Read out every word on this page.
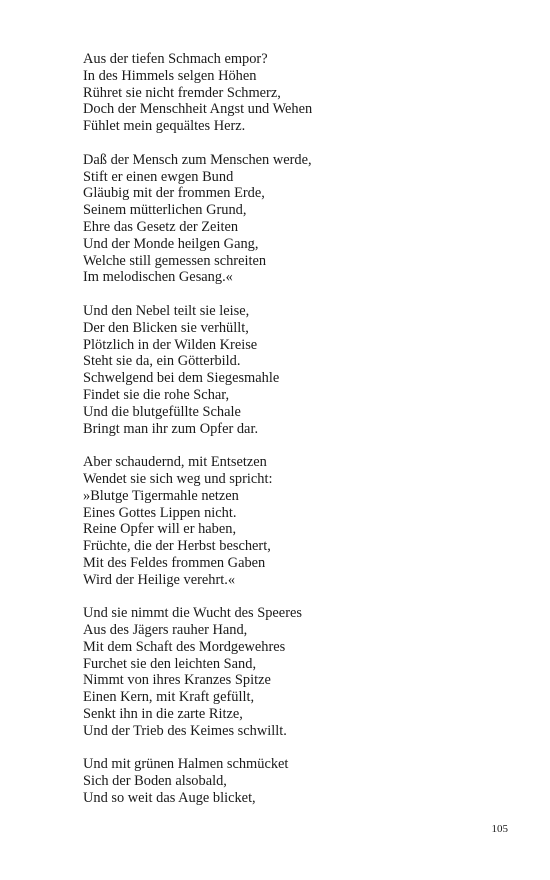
Aus der tiefen Schmach empor?
In des Himmels selgen Höhen
Rühret sie nicht fremder Schmerz,
Doch der Menschheit Angst und Wehen
Fühlet mein gequältes Herz.
Daß der Mensch zum Menschen werde,
Stift er einen ewgen Bund
Gläubig mit der frommen Erde,
Seinem mütterlichen Grund,
Ehre das Gesetz der Zeiten
Und der Monde heilgen Gang,
Welche still gemessen schreiten
Im melodischen Gesang.«
Und den Nebel teilt sie leise,
Der den Blicken sie verhüllt,
Plötzlich in der Wilden Kreise
Steht sie da, ein Götterbild.
Schwelgend bei dem Siegesmahle
Findet sie die rohe Schar,
Und die blutgefüllte Schale
Bringt man ihr zum Opfer dar.
Aber schaudernd, mit Entsetzen
Wendet sie sich weg und spricht:
»Blutge Tigermahle netzen
Eines Gottes Lippen nicht.
Reine Opfer will er haben,
Früchte, die der Herbst beschert,
Mit des Feldes frommen Gaben
Wird der Heilige verehrt.«
Und sie nimmt die Wucht des Speeres
Aus des Jägers rauher Hand,
Mit dem Schaft des Mordgewehres
Furchet sie den leichten Sand,
Nimmt von ihres Kranzes Spitze
Einen Kern, mit Kraft gefüllt,
Senkt ihn in die zarte Ritze,
Und der Trieb des Keimes schwillt.
Und mit grünen Halmen schmücket
Sich der Boden alsobald,
Und so weit das Auge blicket,
105
